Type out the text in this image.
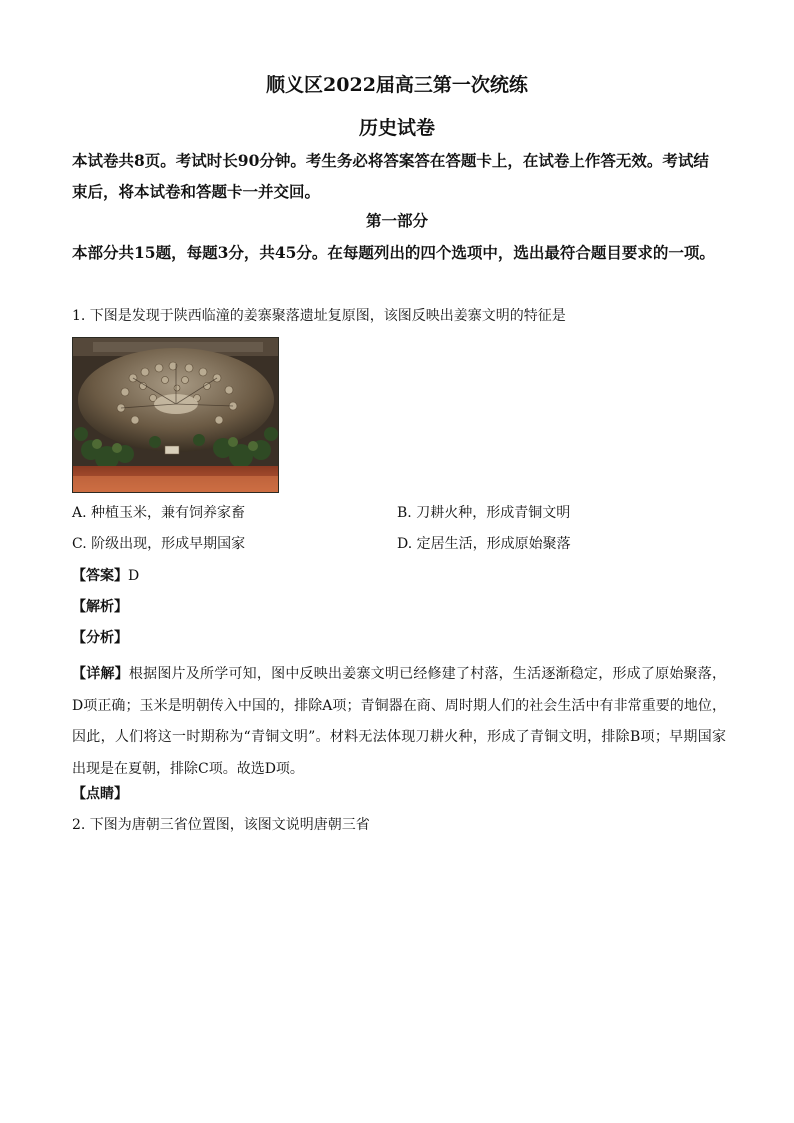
顺义区2022届高三第一次统练
历史试卷
本试卷共8页。考试时长90分钟。考生务必将答案答在答题卡上，在试卷上作答无效。考试结束后，将本试卷和答题卡一并交回。
第一部分
本部分共15题，每题3分，共45分。在每题列出的四个选项中，选出最符合题目要求的一项。
1. 下图是发现于陕西临潼的姜寨聚落遗址复原图，该图反映出姜寨文明的特征是
A. 种植玉米，兼有饲养家畜	B. 刀耕火种，形成青铜文明
C. 阶级出现，形成早期国家	D. 定居生活，形成原始聚落
【答案】D
【解析】
【分析】
【详解】根据图片及所学可知，图中反映出姜寨文明已经修建了村落，生活逐渐稳定，形成了原始聚落，D项正确；玉米是明朝传入中国的，排除A项；青铜器在商、周时期人们的社会生活中有非常重要的地位，因此，人们将这一时期称为“青铜文明”。材料无法体现刀耕火种，形成了青铜文明，排除B项；早期国家出现是在夏朝，排除C项。故选D项。
【点睛】
2. 下图为唐朝三省位置图，该图文说明唐朝三省
